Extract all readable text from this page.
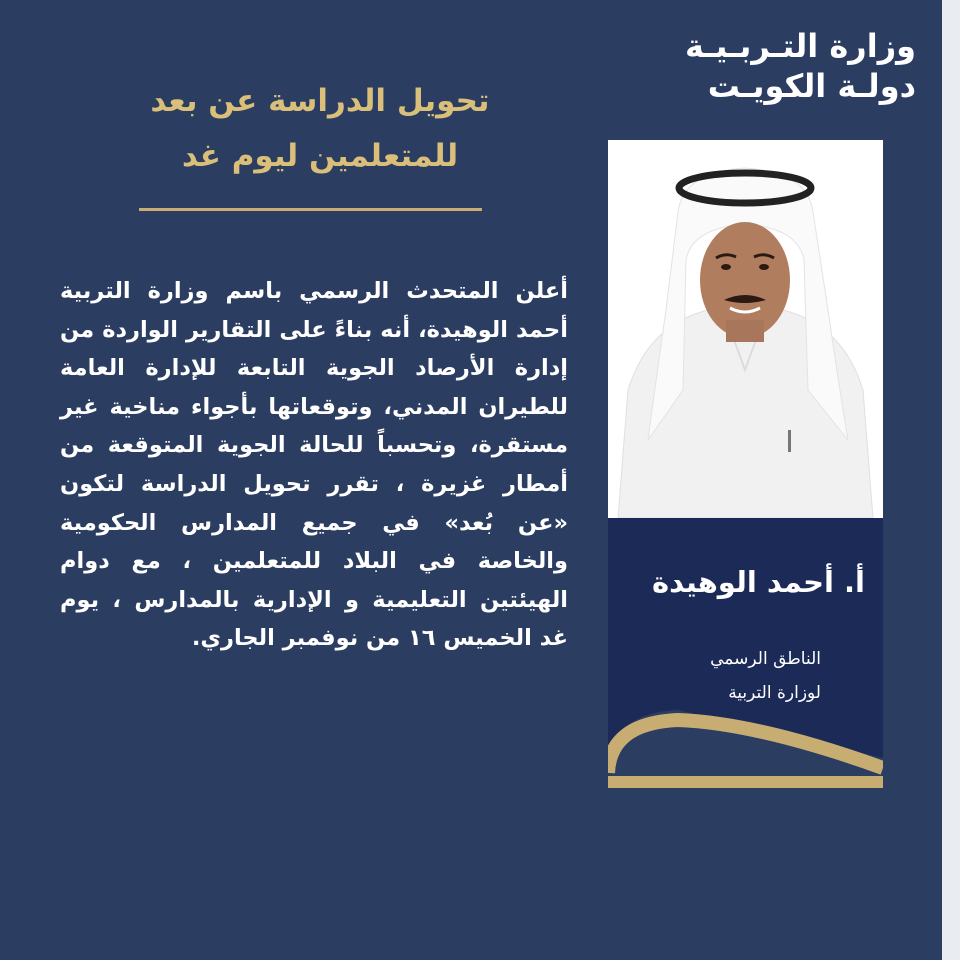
وزارة التـربـيـة
دولـة الكويـت
تحويل الدراسة عن بعد
للمتعلمين ليوم غد
أعلن المتحدث الرسمي باسم وزارة التربية أحمد الوهيدة، أنه بناءً على التقارير الواردة من إدارة الأرصاد الجوية التابعة للإدارة العامة للطيران المدني، وتوقعاتها بأجواء مناخية غير مستقرة، وتحسباً للحالة الجوية المتوقعة من أمطار غزيرة ، تقرر تحويل الدراسة لتكون «عن بُعد» في جميع المدارس الحكومية والخاصة في البلاد للمتعلمين ، مع دوام الهيئتين التعليمية و الإدارية بالمدارس ، يوم غد الخميس ١٦ من نوفمبر الجاري.
أ. أحمد الوهيدة
الناطق الرسمي
لوزارة التربية
